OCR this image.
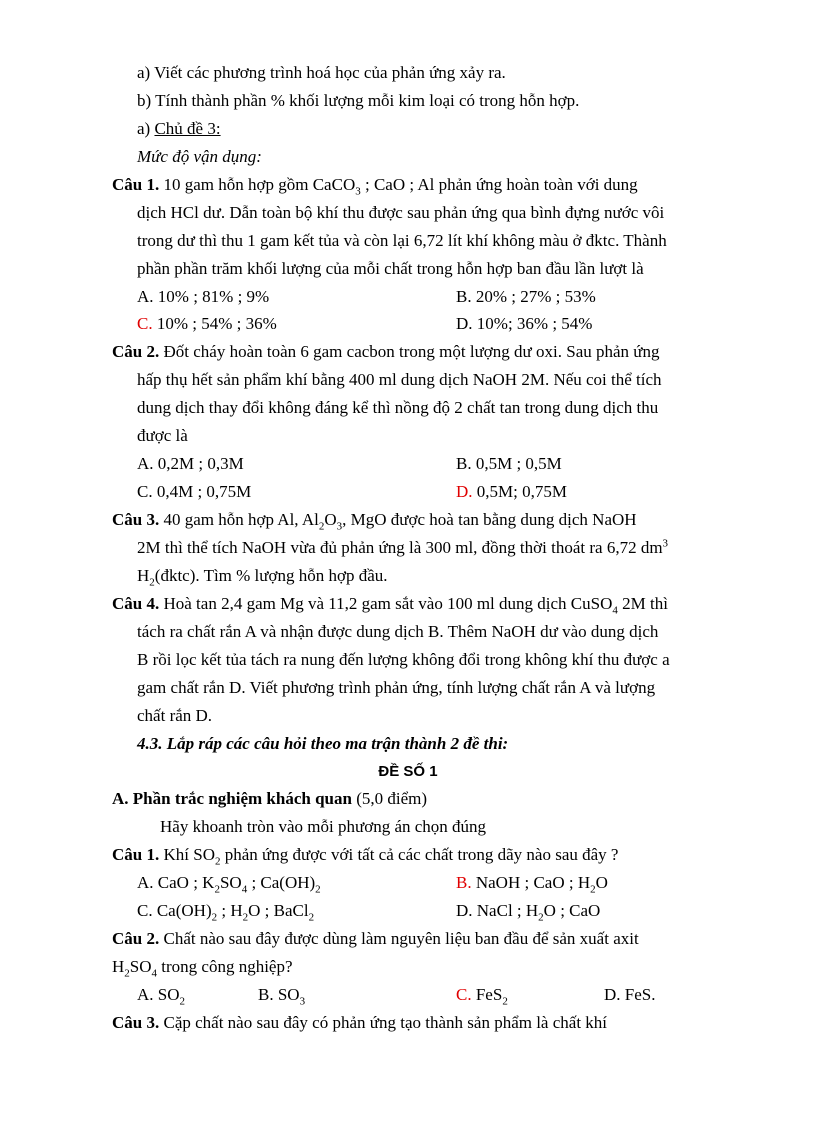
a) Viết các phương trình hoá học của phản ứng xảy ra.
b) Tính thành phần % khối lượng mỗi kim loại có trong hỗn hợp.
a) Chủ đề 3:
Mức độ vận dụng:
Câu 1. 10 gam hỗn hợp gồm CaCO$_3$ ; CaO ; Al phản ứng hoàn toàn với dung
dịch HCl dư. Dẫn toàn bộ khí thu được sau phản ứng qua bình đựng nước vôi
trong dư thì thu 1 gam kết tủa và còn lại 6,72 lít khí không màu ở đktc. Thành
phần phần trăm khối lượng của mỗi chất trong hỗn hợp ban đầu lần lượt là
A. 10% ; 81% ; 9%	B. 20% ; 27% ; 53%
C. 10% ; 54% ; 36%	D. 10%; 36% ; 54%
Câu 2. Đốt cháy hoàn toàn 6 gam cacbon trong một lượng dư oxi. Sau phản ứng
hấp thụ hết sản phẩm khí bằng 400 ml dung dịch NaOH 2M. Nếu coi thể tích
dung dịch thay đổi không đáng kể thì nồng độ 2 chất tan trong dung dịch thu
được là
A. 0,2M ; 0,3M	B. 0,5M ; 0,5M
C. 0,4M ; 0,75M	D. 0,5M; 0,75M
Câu 3. 40 gam hỗn hợp Al, $Al_2O_3$, MgO được hoà tan bằng dung dịch NaOH
2M thì thể tích NaOH vừa đủ phản ứng là 300 ml, đồng thời thoát ra 6,72 $dm^3$
$H_2(đktc)$. Tìm % lượng hỗn hợp đầu.
Câu 4. Hoà tan 2,4 gam Mg và 11,2 gam sắt vào 100 ml dung dịch CuSO$_4$ 2M thì
tách ra chất rắn A và nhận được dung dịch B. Thêm NaOH dư vào dung dịch
B rồi lọc kết tủa tách ra nung đến lượng không đổi trong không khí thu được a
gam chất rắn D. Viết phương trình phản ứng, tính lượng chất rắn A và lượng
chất rắn D.
4.3. Lắp ráp các câu hỏi theo ma trận thành 2 đề thi:
ĐỀ SỐ 1
A. Phần trắc nghiệm khách quan (5,0 điểm)
Hãy khoanh tròn vào mỗi phương án chọn đúng
Câu 1. Khí $SO_2$ phản ứng được với tất cả các chất trong dãy nào sau đây ?
A. CaO ; $K_2SO_4$ ; $Ca(OH)_2$	B. NaOH ; CaO ; $H_2O$
C. $Ca(OH)_2$ ; $H_2O$ ; BaCl$_2$	D. NaCl ; $H_2O$ ; CaO
Câu 2. Chất nào sau đây được dùng làm nguyên liệu ban đầu để sản xuất axit
$H_2SO_4$ trong công nghiệp?
A. $SO_2$	B. $SO_3$	C. FeS$_2$	D. FeS.
Câu 3. Cặp chất nào sau đây có phản ứng tạo thành sản phẩm là chất khí
